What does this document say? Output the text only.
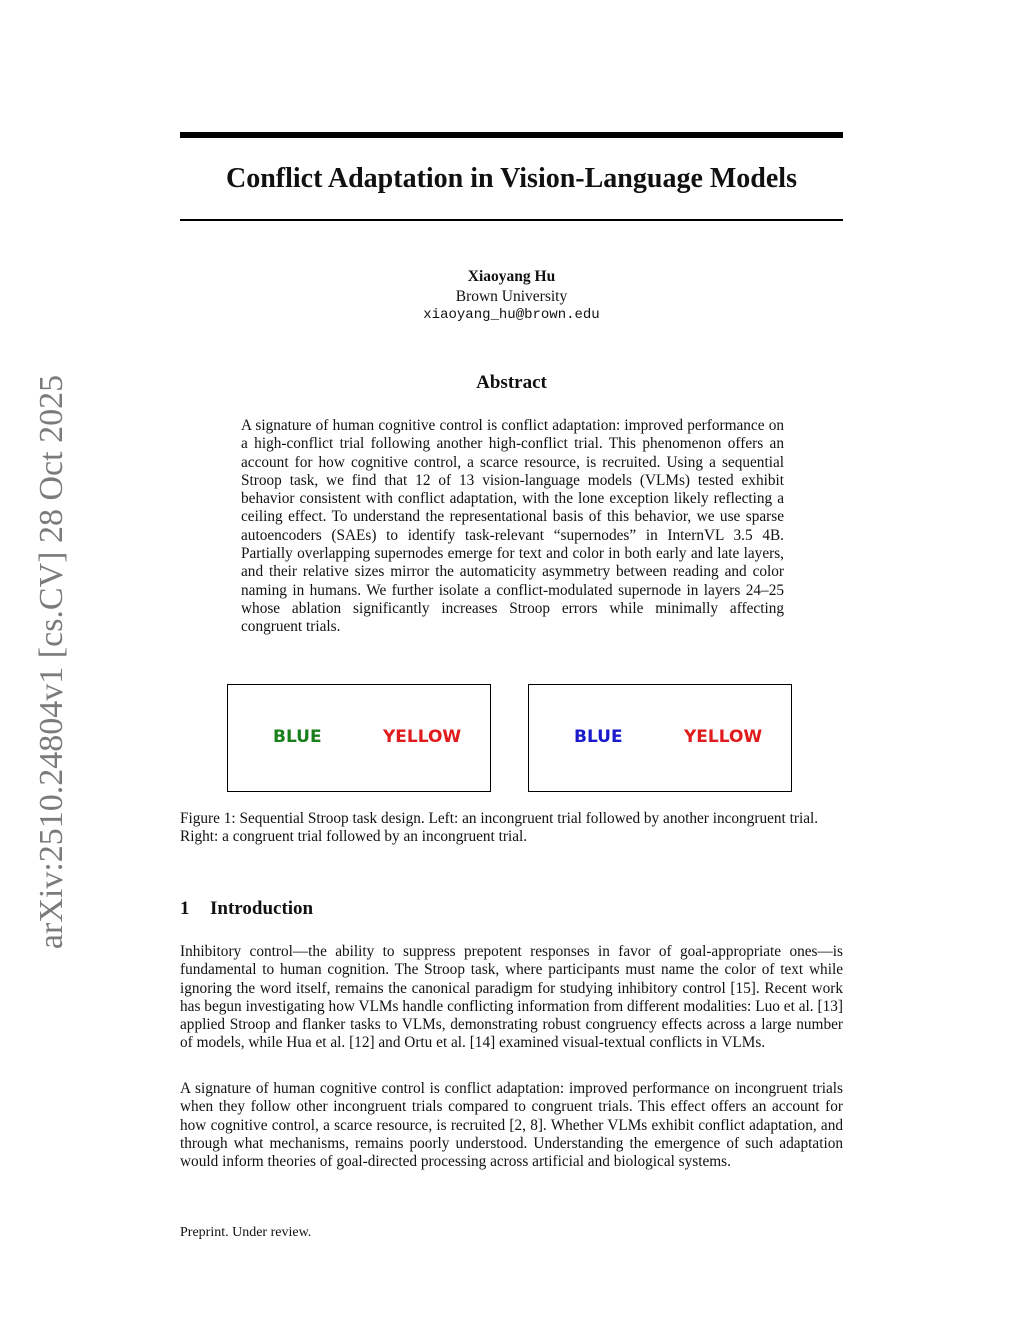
arXiv:2510.24804v1 [cs.CV] 28 Oct 2025
Conflict Adaptation in Vision-Language Models
Xiaoyang Hu
Brown University
xiaoyang_hu@brown.edu
Abstract
A signature of human cognitive control is conflict adaptation: improved performance on a high-conflict trial following another high-conflict trial. This phenomenon offers an account for how cognitive control, a scarce resource, is recruited. Using a sequential Stroop task, we find that 12 of 13 vision-language models (VLMs) tested exhibit behavior consistent with conflict adaptation, with the lone exception likely reflecting a ceiling effect. To understand the representational basis of this behavior, we use sparse autoencoders (SAEs) to identify task-relevant “supernodes” in InternVL 3.5 4B. Partially overlapping supernodes emerge for text and color in both early and late layers, and their relative sizes mirror the automaticity asymmetry between reading and color naming in humans. We further isolate a conflict-modulated supernode in layers 24–25 whose ablation significantly increases Stroop errors while minimally affecting congruent trials.
BLUE	YELLOW	BLUE	YELLOW
Figure 1: Sequential Stroop task design. Left: an incongruent trial followed by another incongruent trial. Right: a congruent trial followed by an incongruent trial.
1 Introduction
Inhibitory control—the ability to suppress prepotent responses in favor of goal-appropriate ones—is fundamental to human cognition. The Stroop task, where participants must name the color of text while ignoring the word itself, remains the canonical paradigm for studying inhibitory control [15]. Recent work has begun investigating how VLMs handle conflicting information from different modalities: Luo et al. [13] applied Stroop and flanker tasks to VLMs, demonstrating robust congruency effects across a large number of models, while Hua et al. [12] and Ortu et al. [14] examined visual-textual conflicts in VLMs.
A signature of human cognitive control is conflict adaptation: improved performance on incongruent trials when they follow other incongruent trials compared to congruent trials. This effect offers an account for how cognitive control, a scarce resource, is recruited [2, 8]. Whether VLMs exhibit conflict adaptation, and through what mechanisms, remains poorly understood. Understanding the emergence of such adaptation would inform theories of goal-directed processing across artificial and biological systems.
Preprint. Under review.
